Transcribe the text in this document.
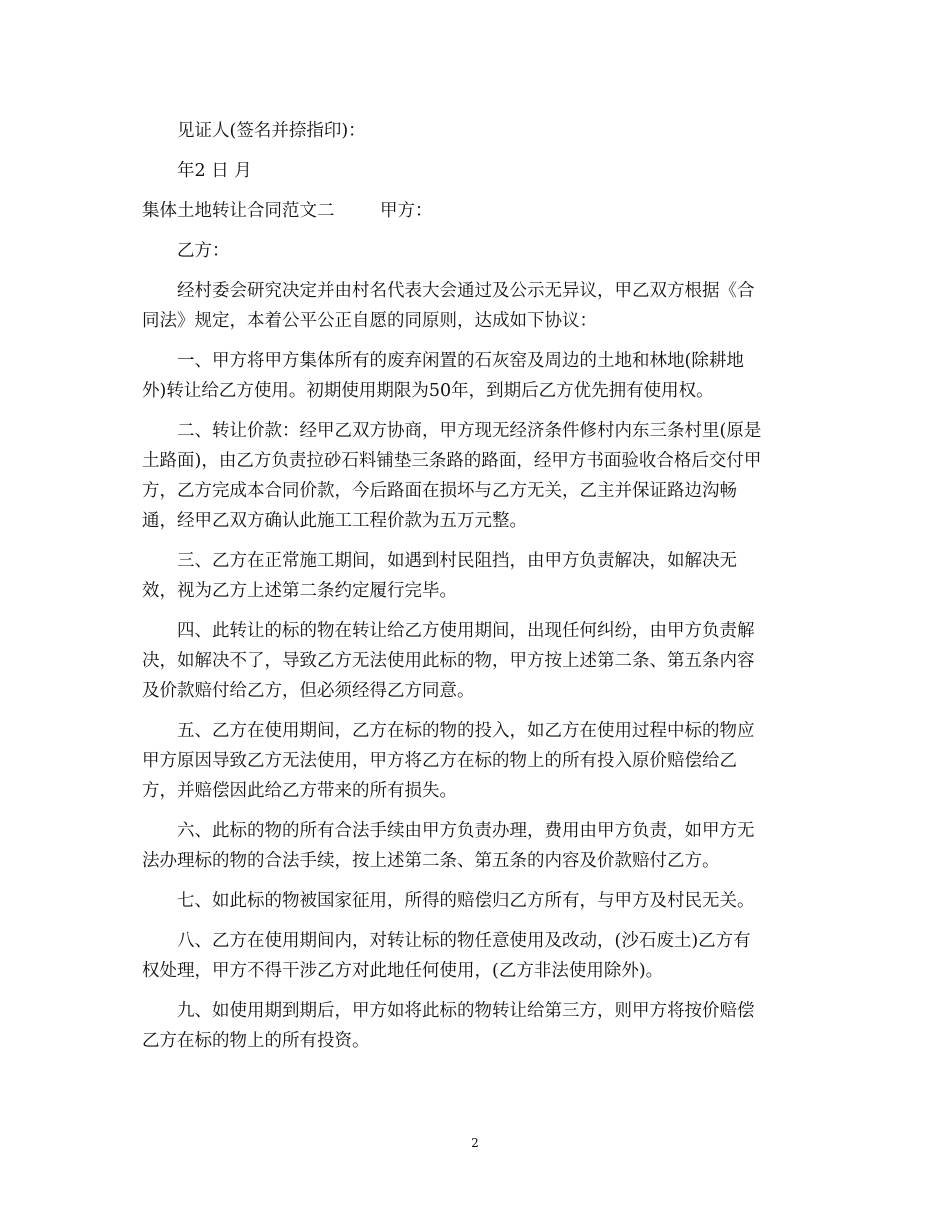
见证人(签名并捺指印)：
年2 日 月
集体土地转让合同范文二	甲方：
乙方：
经村委会研究决定并由村名代表大会通过及公示无异议，甲乙双方根据《合
同法》规定，本着公平公正自愿的同原则，达成如下协议：
一、甲方将甲方集体所有的废弃闲置的石灰窑及周边的土地和林地(除耕地
外)转让给乙方使用。初期使用期限为50年，到期后乙方优先拥有使用权。
二、转让价款：经甲乙双方协商，甲方现无经济条件修村内东三条村里(原是
土路面)，由乙方负责拉砂石料铺垫三条路的路面，经甲方书面验收合格后交付甲
方，乙方完成本合同价款，今后路面在损坏与乙方无关，乙主并保证路边沟畅
通，经甲乙双方确认此施工工程价款为五万元整。
三、乙方在正常施工期间，如遇到村民阻挡，由甲方负责解决，如解决无
效，视为乙方上述第二条约定履行完毕。
四、此转让的标的物在转让给乙方使用期间，出现任何纠纷，由甲方负责解
决，如解决不了，导致乙方无法使用此标的物，甲方按上述第二条、第五条内容
及价款赔付给乙方，但必须经得乙方同意。
五、乙方在使用期间，乙方在标的物的投入，如乙方在使用过程中标的物应
甲方原因导致乙方无法使用，甲方将乙方在标的物上的所有投入原价赔偿给乙
方，并赔偿因此给乙方带来的所有损失。
六、此标的物的所有合法手续由甲方负责办理，费用由甲方负责，如甲方无
法办理标的物的合法手续，按上述第二条、第五条的内容及价款赔付乙方。
七、如此标的物被国家征用，所得的赔偿归乙方所有，与甲方及村民无关。
八、乙方在使用期间内，对转让标的物任意使用及改动，(沙石废土)乙方有
权处理，甲方不得干涉乙方对此地任何使用，(乙方非法使用除外)。
九、如使用期到期后，甲方如将此标的物转让给第三方，则甲方将按价赔偿
乙方在标的物上的所有投资。
2
